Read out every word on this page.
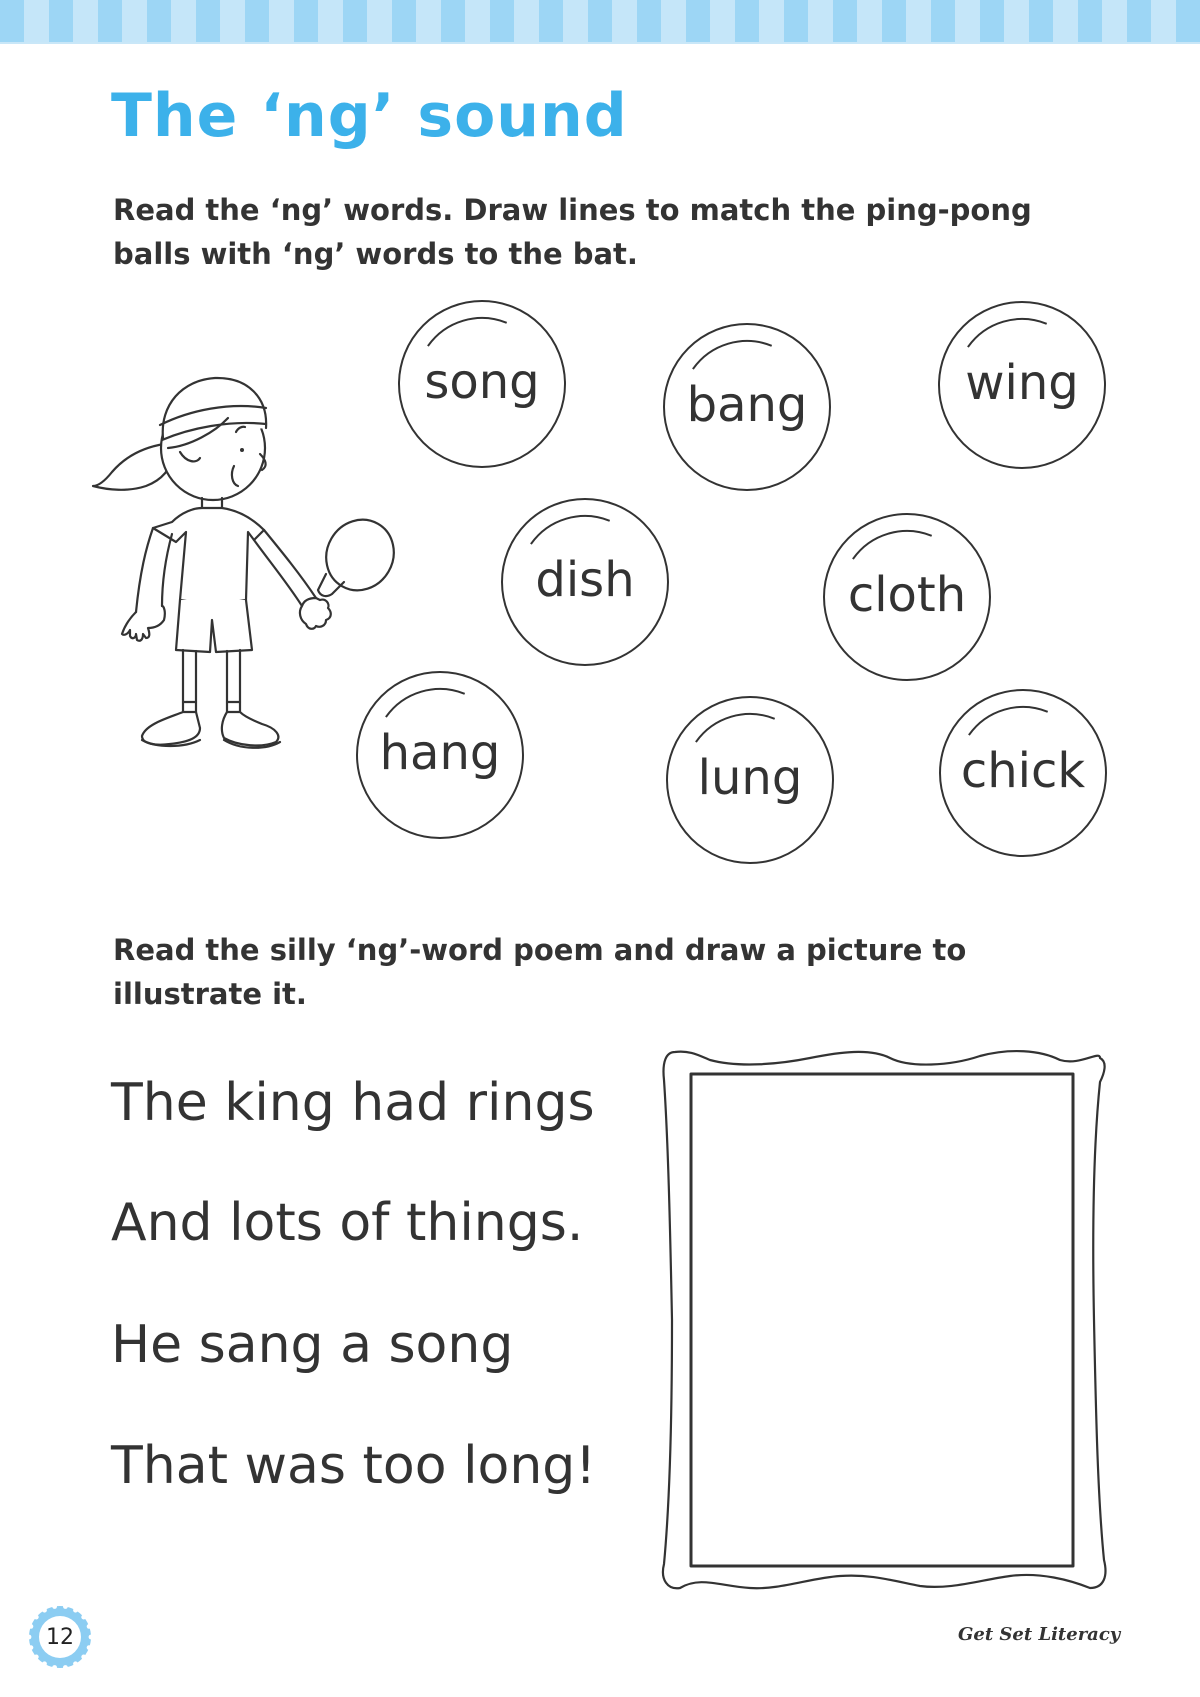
The ‘ng’ sound

Read the ‘ng’ words. Draw lines to match the ping-pong balls with ‘ng’ words to the bat.

song	bang	wing
dish	cloth
hang	lung	chick

Read the silly ‘ng’-word poem and draw a picture to illustrate it.

The king had rings

And lots of things.

He sang a song

That was too long!

12	Get Set Literacy
